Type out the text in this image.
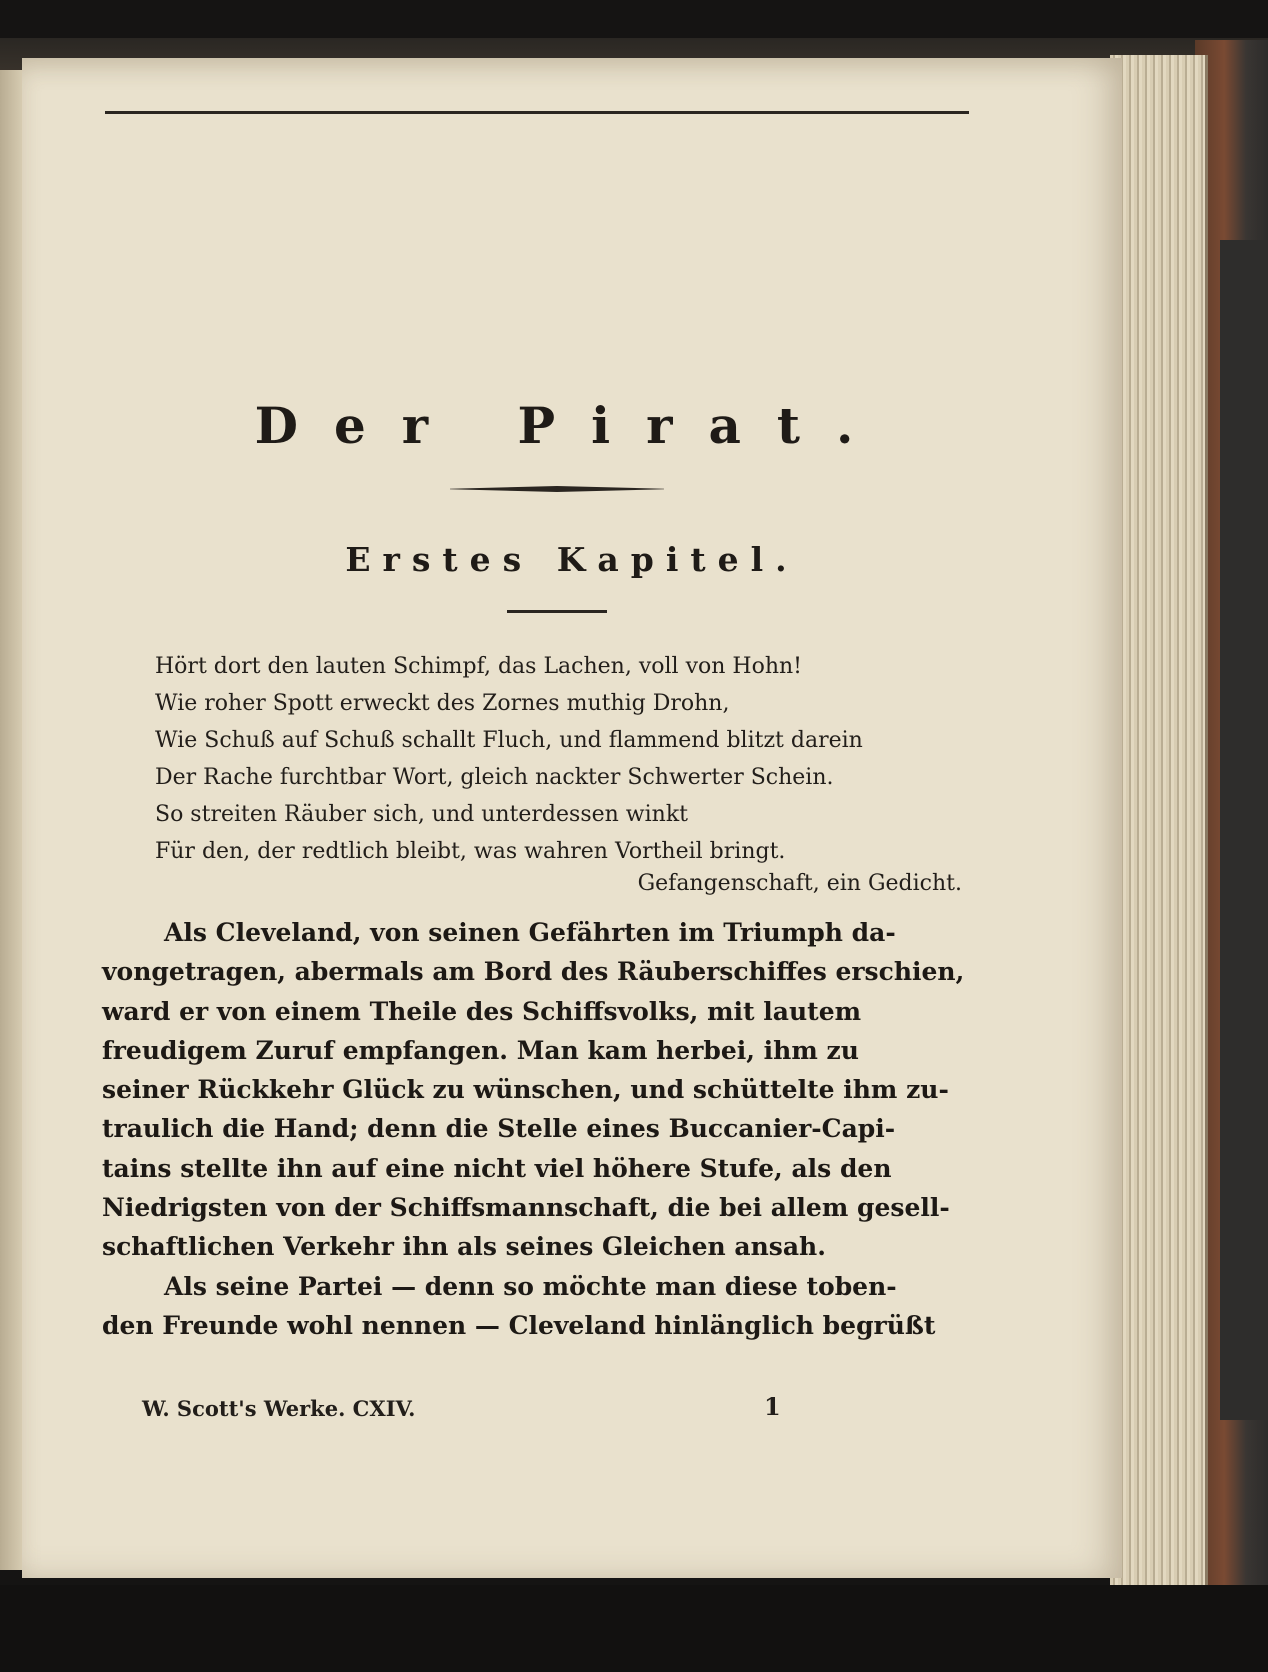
Der Pirat.
Erstes Kapitel.
Hört dort den lauten Schimpf, das Lachen, voll von Hohn!
Wie roher Spott erweckt des Zornes muthig Drohn,
Wie Schuß auf Schuß schallt Fluch, und flammend blitzt darein
Der Rache furchtbar Wort, gleich nackter Schwerter Schein.
So streiten Räuber sich, und unterdessen winkt
Für den, der redtlich bleibt, was wahren Vortheil bringt.
Gefangenschaft, ein Gedicht.
Als Cleveland, von seinen Gefährten im Triumph da-
vongetragen, abermals am Bord des Räuberschiffes erschien,
ward er von einem Theile des Schiffsvolks, mit lautem
freudigem Zuruf empfangen. Man kam herbei, ihm zu
seiner Rückkehr Glück zu wünschen, und schüttelte ihm zu-
traulich die Hand; denn die Stelle eines Buccanier-Capi-
tains stellte ihn auf eine nicht viel höhere Stufe, als den
Niedrigsten von der Schiffsmannschaft, die bei allem gesell-
schaftlichen Verkehr ihn als seines Gleichen ansah.
Als seine Partei — denn so möchte man diese toben-
den Freunde wohl nennen — Cleveland hinlänglich begrüßt
W. Scott's Werke. CXIV.	1
